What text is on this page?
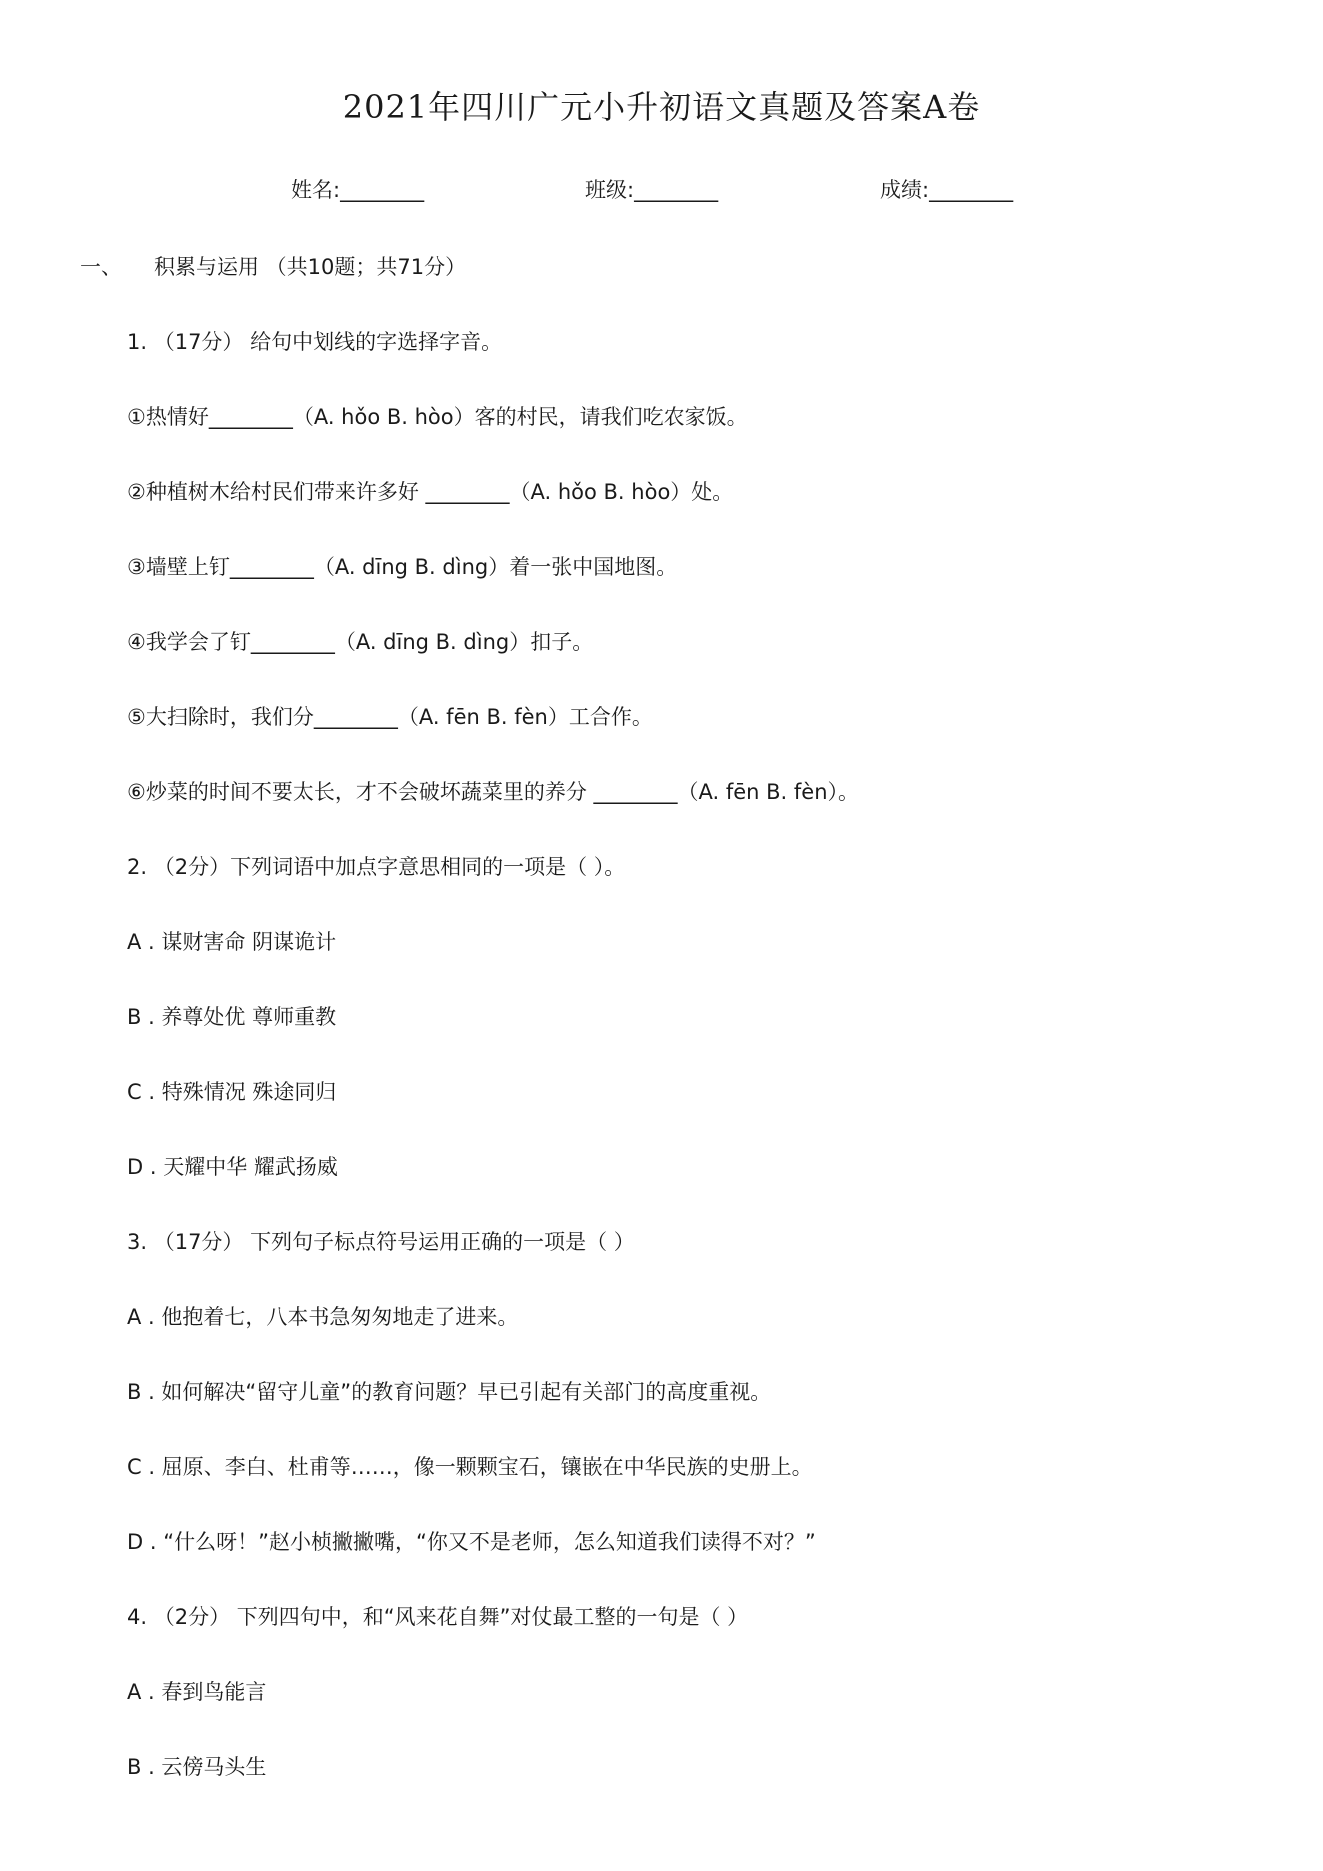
2021年四川广元小升初语文真题及答案A卷
姓名:________	班级:________	成绩:________
一、 积累与运用 （共10题；共71分）
1. （17分） 给句中划线的字选择字音。
①热情好________（A. hǒo B. hòo）客的村民，请我们吃农家饭。
②种植树木给村民们带来许多好 ________（A. hǒo B. hòo）处。
③墙壁上钉________（A. dīng B. dìng）着一张中国地图。
④我学会了钉________（A. dīng B. dìng）扣子。
⑤大扫除时，我们分________（A. fēn B. fèn）工合作。
⑥炒菜的时间不要太长，才不会破坏蔬菜里的养分 ________（A. fēn B. fèn）。
2. （2分）下列词语中加点字意思相同的一项是（ ）。
A . 谋财害命 阴谋诡计
B . 养尊处优 尊师重教
C . 特殊情况 殊途同归
D . 天耀中华 耀武扬威
3. （17分） 下列句子标点符号运用正确的一项是（ ）
A . 他抱着七，八本书急匆匆地走了进来。
B . 如何解决“留守儿童”的教育问题？早已引起有关部门的高度重视。
C . 屈原、李白、杜甫等……，像一颗颗宝石，镶嵌在中华民族的史册上。
D . “什么呀！”赵小桢撇撇嘴，“你又不是老师，怎么知道我们读得不对？”
4. （2分） 下列四句中，和“风来花自舞”对仗最工整的一句是（ ）
A . 春到鸟能言
B . 云傍马头生
